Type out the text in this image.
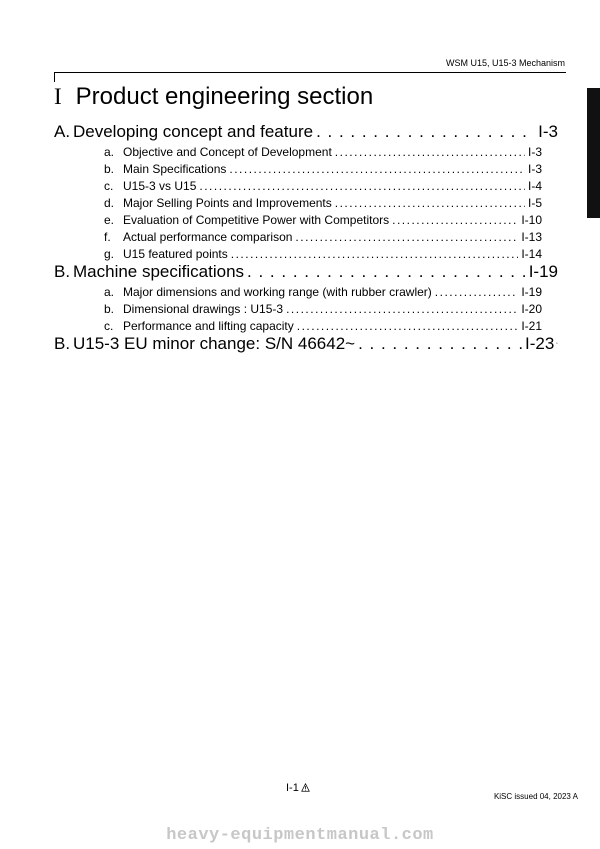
WSM U15, U15-3 Mechanism
I Product engineering section
A. Developing concept and feature . . .	I-3
a. Objective and Concept of Development .....	I-3
b. Main Specifications .....	I-3
c. U15-3 vs U15 .....	I-4
d. Major Selling Points and Improvements .....	I-5
e. Evaluation of Competitive Power with Competitors .....	I-10
f.	Actual performance comparison .....	I-13
g. U15 featured points .....	I-14
B. Machine specifications . . .	I-19
a. Major dimensions and working range (with rubber crawler) .....	I-19
b. Dimensional drawings : U15-3 .....	I-20
c. Performance and lifting capacity .....	I-21
B. U15-3 EU minor change: S/N 46642~ . . .	I-23
I-1
KiSC issued 04, 2023 A
heavy-equipmentmanual.com
